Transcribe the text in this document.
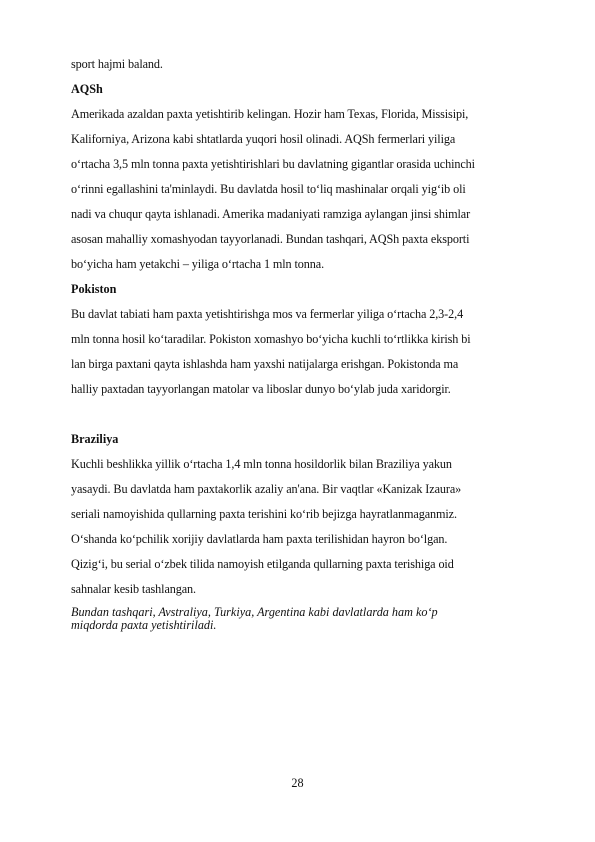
sport hajmi baland.
AQSh
Amerikada azaldan paxta yetishtirib kelingan. Hozir ham Texas, Florida, Missisipi,
Kaliforniya, Arizona kabi shtatlarda yuqori hosil olinadi. AQSh fermerlari yiliga
o‘rtacha 3,5 mln tonna paxta yetishtirishlari bu davlatning gigantlar orasida uchinchi
o‘rinni egallashini ta'minlaydi. Bu davlatda hosil to‘liq mashinalar orqali yig‘ib oli
nadi va chuqur qayta ishlanadi. Amerika madaniyati ramziga aylangan jinsi shimlar
asosan mahalliy xomashyodan tayyorlanadi. Bundan tashqari, AQSh paxta eksporti
bo‘yicha ham yetakchi – yiliga o‘rtacha 1 mln tonna.
Pokiston
Bu davlat tabiati ham paxta yetishtirishga mos va fermerlar yiliga o‘rtacha 2,3-2,4
mln tonna hosil ko‘taradilar. Pokiston xomashyo bo‘yicha kuchli to‘rtlikka kirish bi
lan birga paxtani qayta ishlashda ham yaxshi natijalarga erishgan. Pokistonda ma
halliy paxtadan tayyorlangan matolar va liboslar dunyo bo‘ylab juda xaridorgir.
Braziliya
Kuchli beshlikka yillik o‘rtacha 1,4 mln tonna hosildorlik bilan Braziliya yakun
yasaydi. Bu davlatda ham paxtakorlik azaliy an'ana. Bir vaqtlar «Kanizak Izaura»
seriali namoyishida qullarning paxta terishini ko‘rib bejizga hayratlanmaganmiz.
O‘shanda ko‘pchilik xorijiy davlatlarda ham paxta terilishidan hayron bo‘lgan.
Qizig‘i, bu serial o‘zbek tilida namoyish etilganda qullarning paxta terishiga oid
sahnalar kesib tashlangan.
Bundan tashqari, Avstraliya, Turkiya, Argentina kabi davlatlarda ham ko‘p
miqdorda paxta yetishtiriladi.
28
